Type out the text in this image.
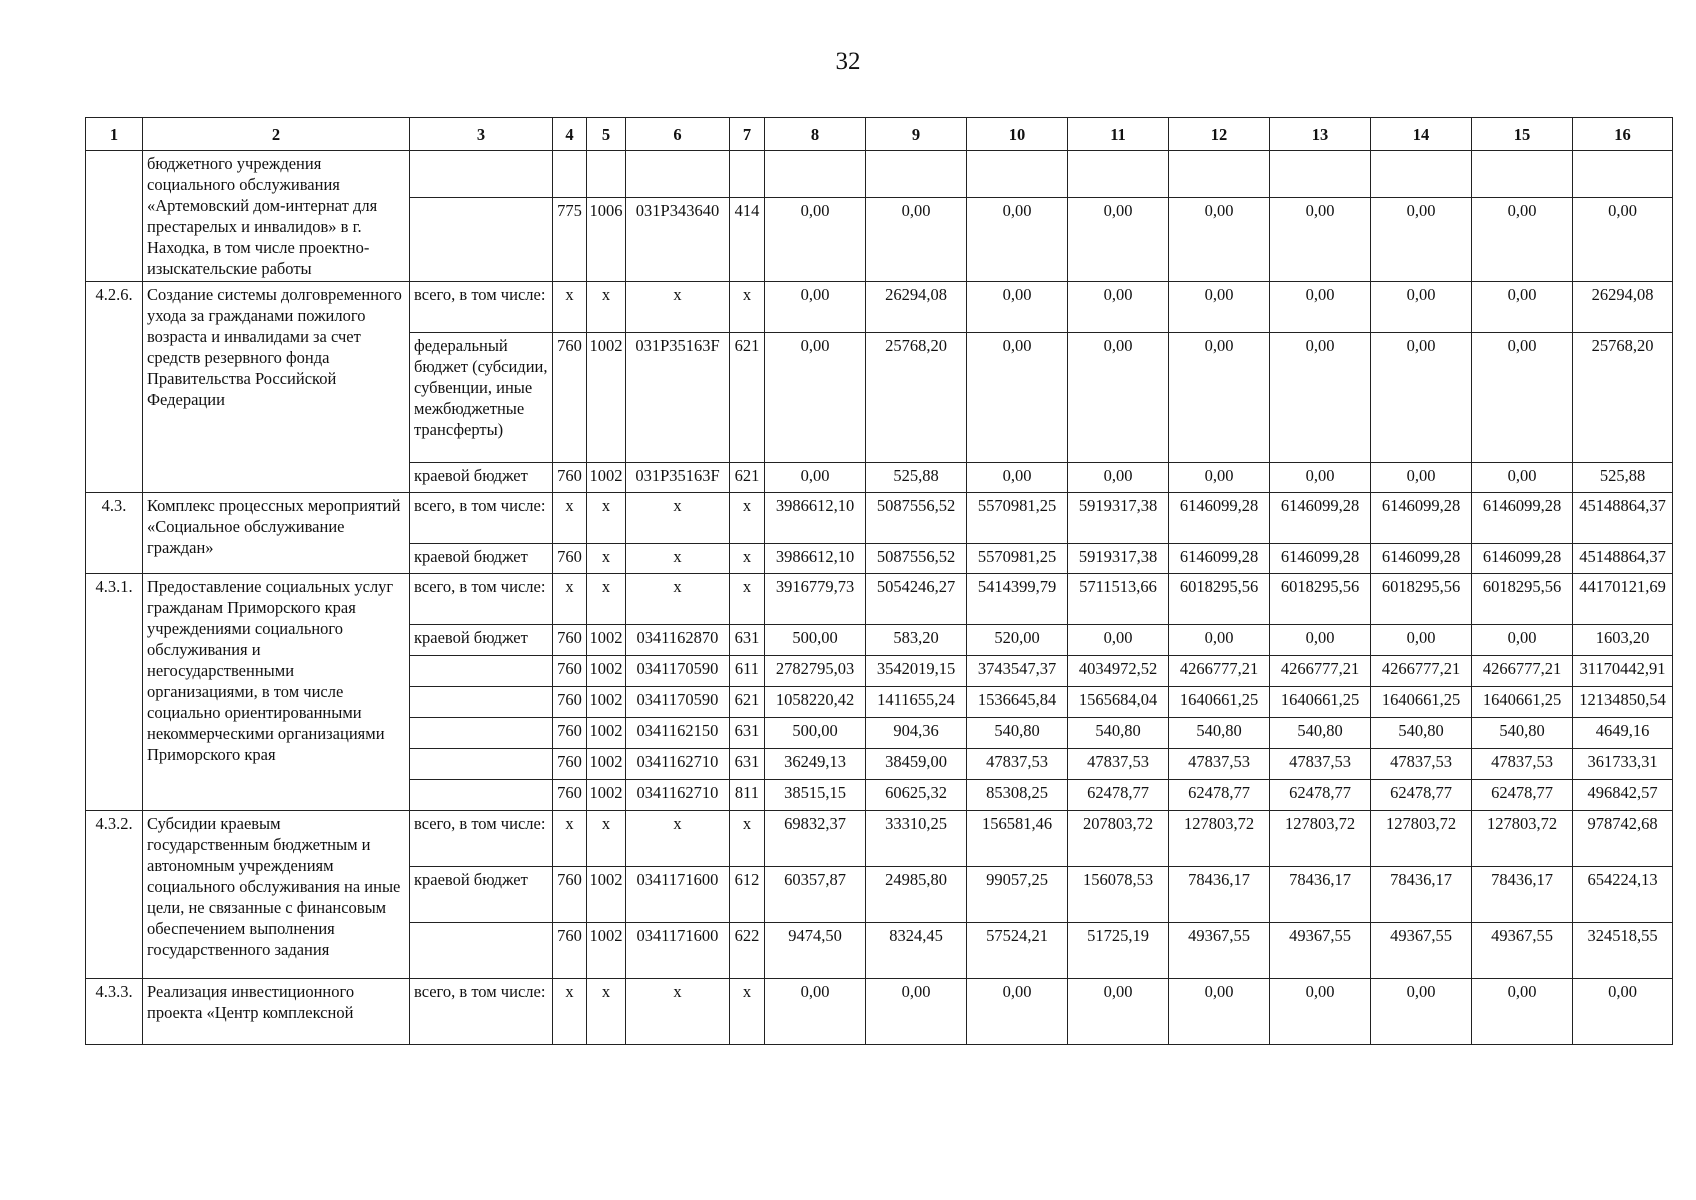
32
1	2	3	4	5	6	7	8	9	10	11	12	13	14	15	16
	бюджетного учреждения социального обслуживания «Артемовский дом-интернат для престарелых и инвалидов» в г. Находка, в том числе проектно-изыскательские работы														
			775	1006	031P343640	414	0,00	0,00	0,00	0,00	0,00	0,00	0,00	0,00	0,00
4.2.6.	Создание системы долговременного ухода за гражданами пожилого возраста и инвалидами за счет средств резервного фонда Правительства Российской Федерации	всего, в том числе:	x	x	x	x	0,00	26294,08	0,00	0,00	0,00	0,00	0,00	0,00	26294,08
		федеральный бюджет (субсидии, субвенции, иные межбюджетные трансферты)	760	1002	031P35163F	621	0,00	25768,20	0,00	0,00	0,00	0,00	0,00	0,00	25768,20
		краевой бюджет	760	1002	031P35163F	621	0,00	525,88	0,00	0,00	0,00	0,00	0,00	0,00	525,88
4.3.	Комплекс процессных мероприятий «Социальное обслуживание граждан»	всего, в том числе:	x	x	x	x	3986612,10	5087556,52	5570981,25	5919317,38	6146099,28	6146099,28	6146099,28	6146099,28	45148864,37
		краевой бюджет	760	x	x	x	3986612,10	5087556,52	5570981,25	5919317,38	6146099,28	6146099,28	6146099,28	6146099,28	45148864,37
4.3.1.	Предоставление социальных услуг гражданам Приморского края учреждениями социального обслуживания и негосударственными организациями, в том числе социально ориентированными некоммерческими организациями Приморского края	всего, в том числе:	x	x	x	x	3916779,73	5054246,27	5414399,79	5711513,66	6018295,56	6018295,56	6018295,56	6018295,56	44170121,69
		краевой бюджет	760	1002	0341162870	631	500,00	583,20	520,00	0,00	0,00	0,00	0,00	0,00	1603,20
			760	1002	0341170590	611	2782795,03	3542019,15	3743547,37	4034972,52	4266777,21	4266777,21	4266777,21	4266777,21	31170442,91
			760	1002	0341170590	621	1058220,42	1411655,24	1536645,84	1565684,04	1640661,25	1640661,25	1640661,25	1640661,25	12134850,54
			760	1002	0341162150	631	500,00	904,36	540,80	540,80	540,80	540,80	540,80	540,80	4649,16
			760	1002	0341162710	631	36249,13	38459,00	47837,53	47837,53	47837,53	47837,53	47837,53	47837,53	361733,31
			760	1002	0341162710	811	38515,15	60625,32	85308,25	62478,77	62478,77	62478,77	62478,77	62478,77	496842,57
4.3.2.	Субсидии краевым государственным бюджетным и автономным учреждениям социального обслуживания на иные цели, не связанные с финансовым обеспечением выполнения государственного задания	всего, в том числе:	x	x	x	x	69832,37	33310,25	156581,46	207803,72	127803,72	127803,72	127803,72	127803,72	978742,68
		краевой бюджет	760	1002	0341171600	612	60357,87	24985,80	99057,25	156078,53	78436,17	78436,17	78436,17	78436,17	654224,13
			760	1002	0341171600	622	9474,50	8324,45	57524,21	51725,19	49367,55	49367,55	49367,55	49367,55	324518,55
4.3.3.	Реализация инвестиционного проекта «Центр комплексной	всего, в том числе:	x	x	x	x	0,00	0,00	0,00	0,00	0,00	0,00	0,00	0,00	0,00
